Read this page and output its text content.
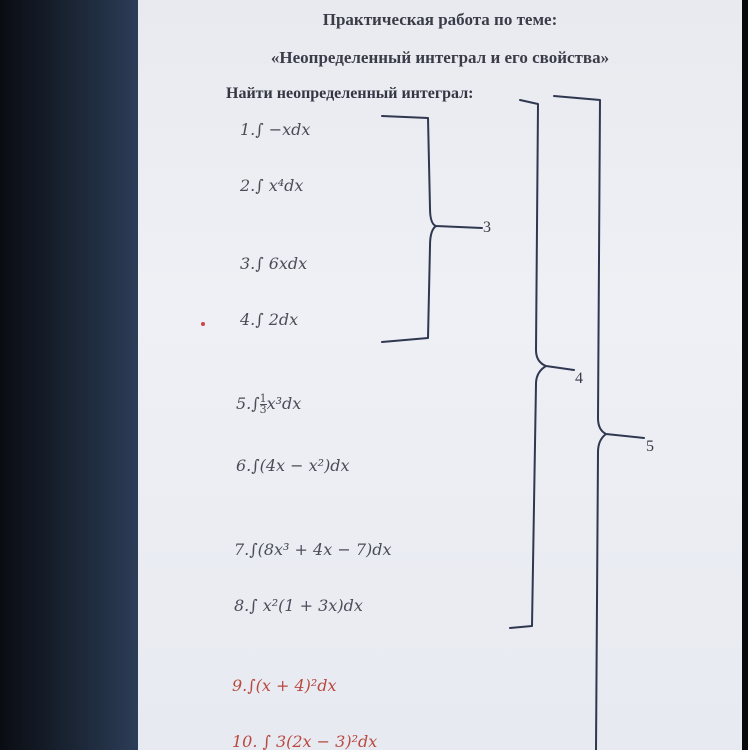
Практическая работа по теме:
«Неопределенный интеграл и его свойства»
Найти неопределенный интеграл:
1.∫ −xdx
2.∫ x⁴dx
3.∫ 6xdx
4.∫ 2dx
$5.\int \frac{1}{3} x^3dx$
6.∫(4x − x²)dx
7.∫(8x³ + 4x − 7)dx
8.∫ x²(1 + 3x)dx
9.∫(x + 4)²dx
10. ∫ 3(2x − 3)²dx
3
4
5
